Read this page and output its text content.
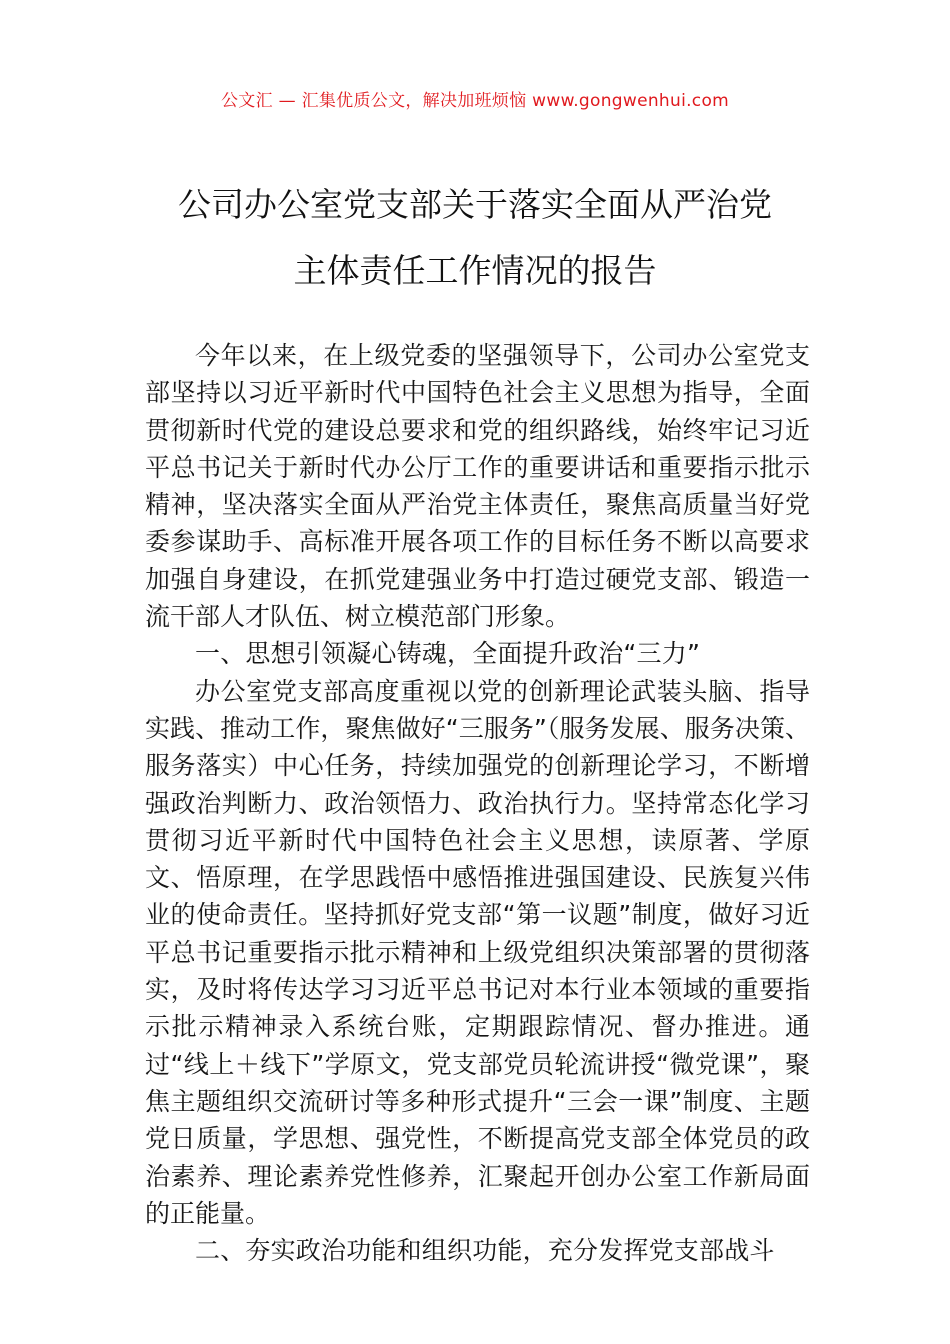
公文汇 — 汇集优质公文，解决加班烦恼 www.gongwenhui.com
公司办公室党支部关于落实全面从严治党
主体责任工作情况的报告

今年以来，在上级党委的坚强领导下，公司办公室党支部坚持以习近平新时代中国特色社会主义思想为指导，全面贯彻新时代党的建设总要求和党的组织路线，始终牢记习近平总书记关于新时代办公厅工作的重要讲话和重要指示批示精神，坚决落实全面从严治党主体责任，聚焦高质量当好党委参谋助手、高标准开展各项工作的目标任务不断以高要求加强自身建设，在抓党建强业务中打造过硬党支部、锻造一流干部人才队伍、树立模范部门形象。

一、思想引领凝心铸魂，全面提升政治“三力”

办公室党支部高度重视以党的创新理论武装头脑、指导实践、推动工作，聚焦做好“三服务”（服务发展、服务决策、服务落实）中心任务，持续加强党的创新理论学习，不断增强政治判断力、政治领悟力、政治执行力。坚持常态化学习贯彻习近平新时代中国特色社会主义思想，读原著、学原文、悟原理，在学思践悟中感悟推进强国建设、民族复兴伟业的使命责任。坚持抓好党支部“第一议题”制度，做好习近平总书记重要指示批示精神和上级党组织决策部署的贯彻落实，及时将传达学习习近平总书记对本行业本领域的重要指示批示精神录入系统台账，定期跟踪情况、督办推进。通过“线上＋线下”学原文，党支部党员轮流讲授“微党课”，聚焦主题组织交流研讨等多种形式提升“三会一课”制度、主题党日质量，学思想、强党性，不断提高党支部全体党员的政治素养、理论素养党性修养，汇聚起开创办公室工作新局面的正能量。

二、夯实政治功能和组织功能，充分发挥党支部战斗
